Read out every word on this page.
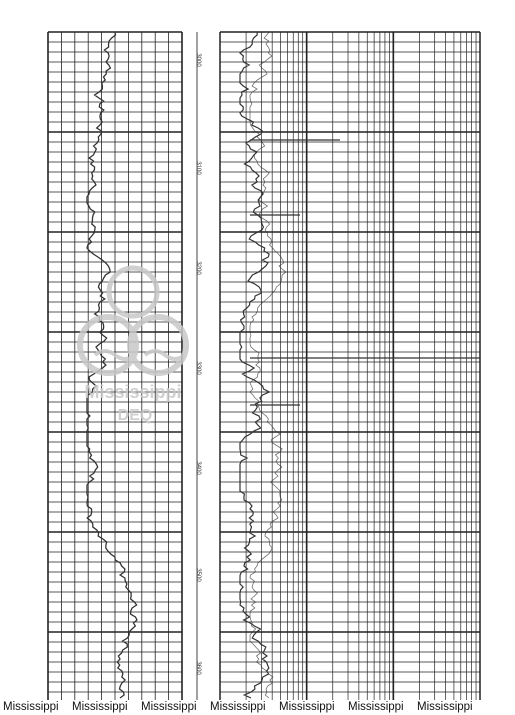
3000
3100
3200
3300
3400
3500
3600
Mississippi
DEQ
Mississippi Mississippi Mississippi Mississippi Mississippi Mississippi Mississippi
